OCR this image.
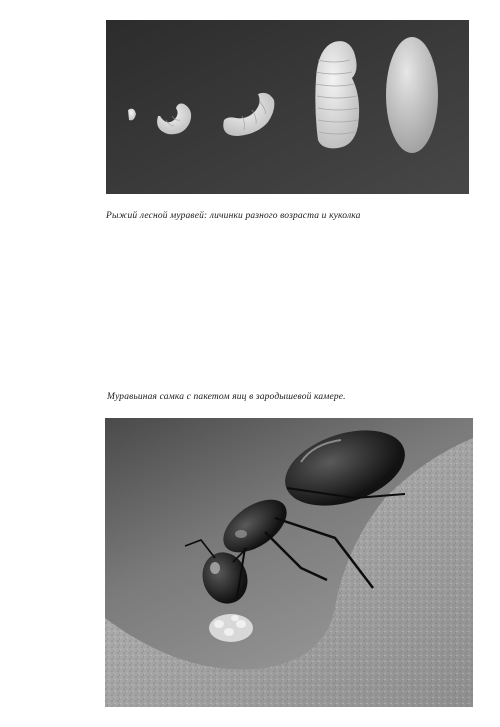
Рыжий лесной муравей: личинки разного возраста и куколка
Муравьиная самка с пакетом яиц в зародышевой камере.
